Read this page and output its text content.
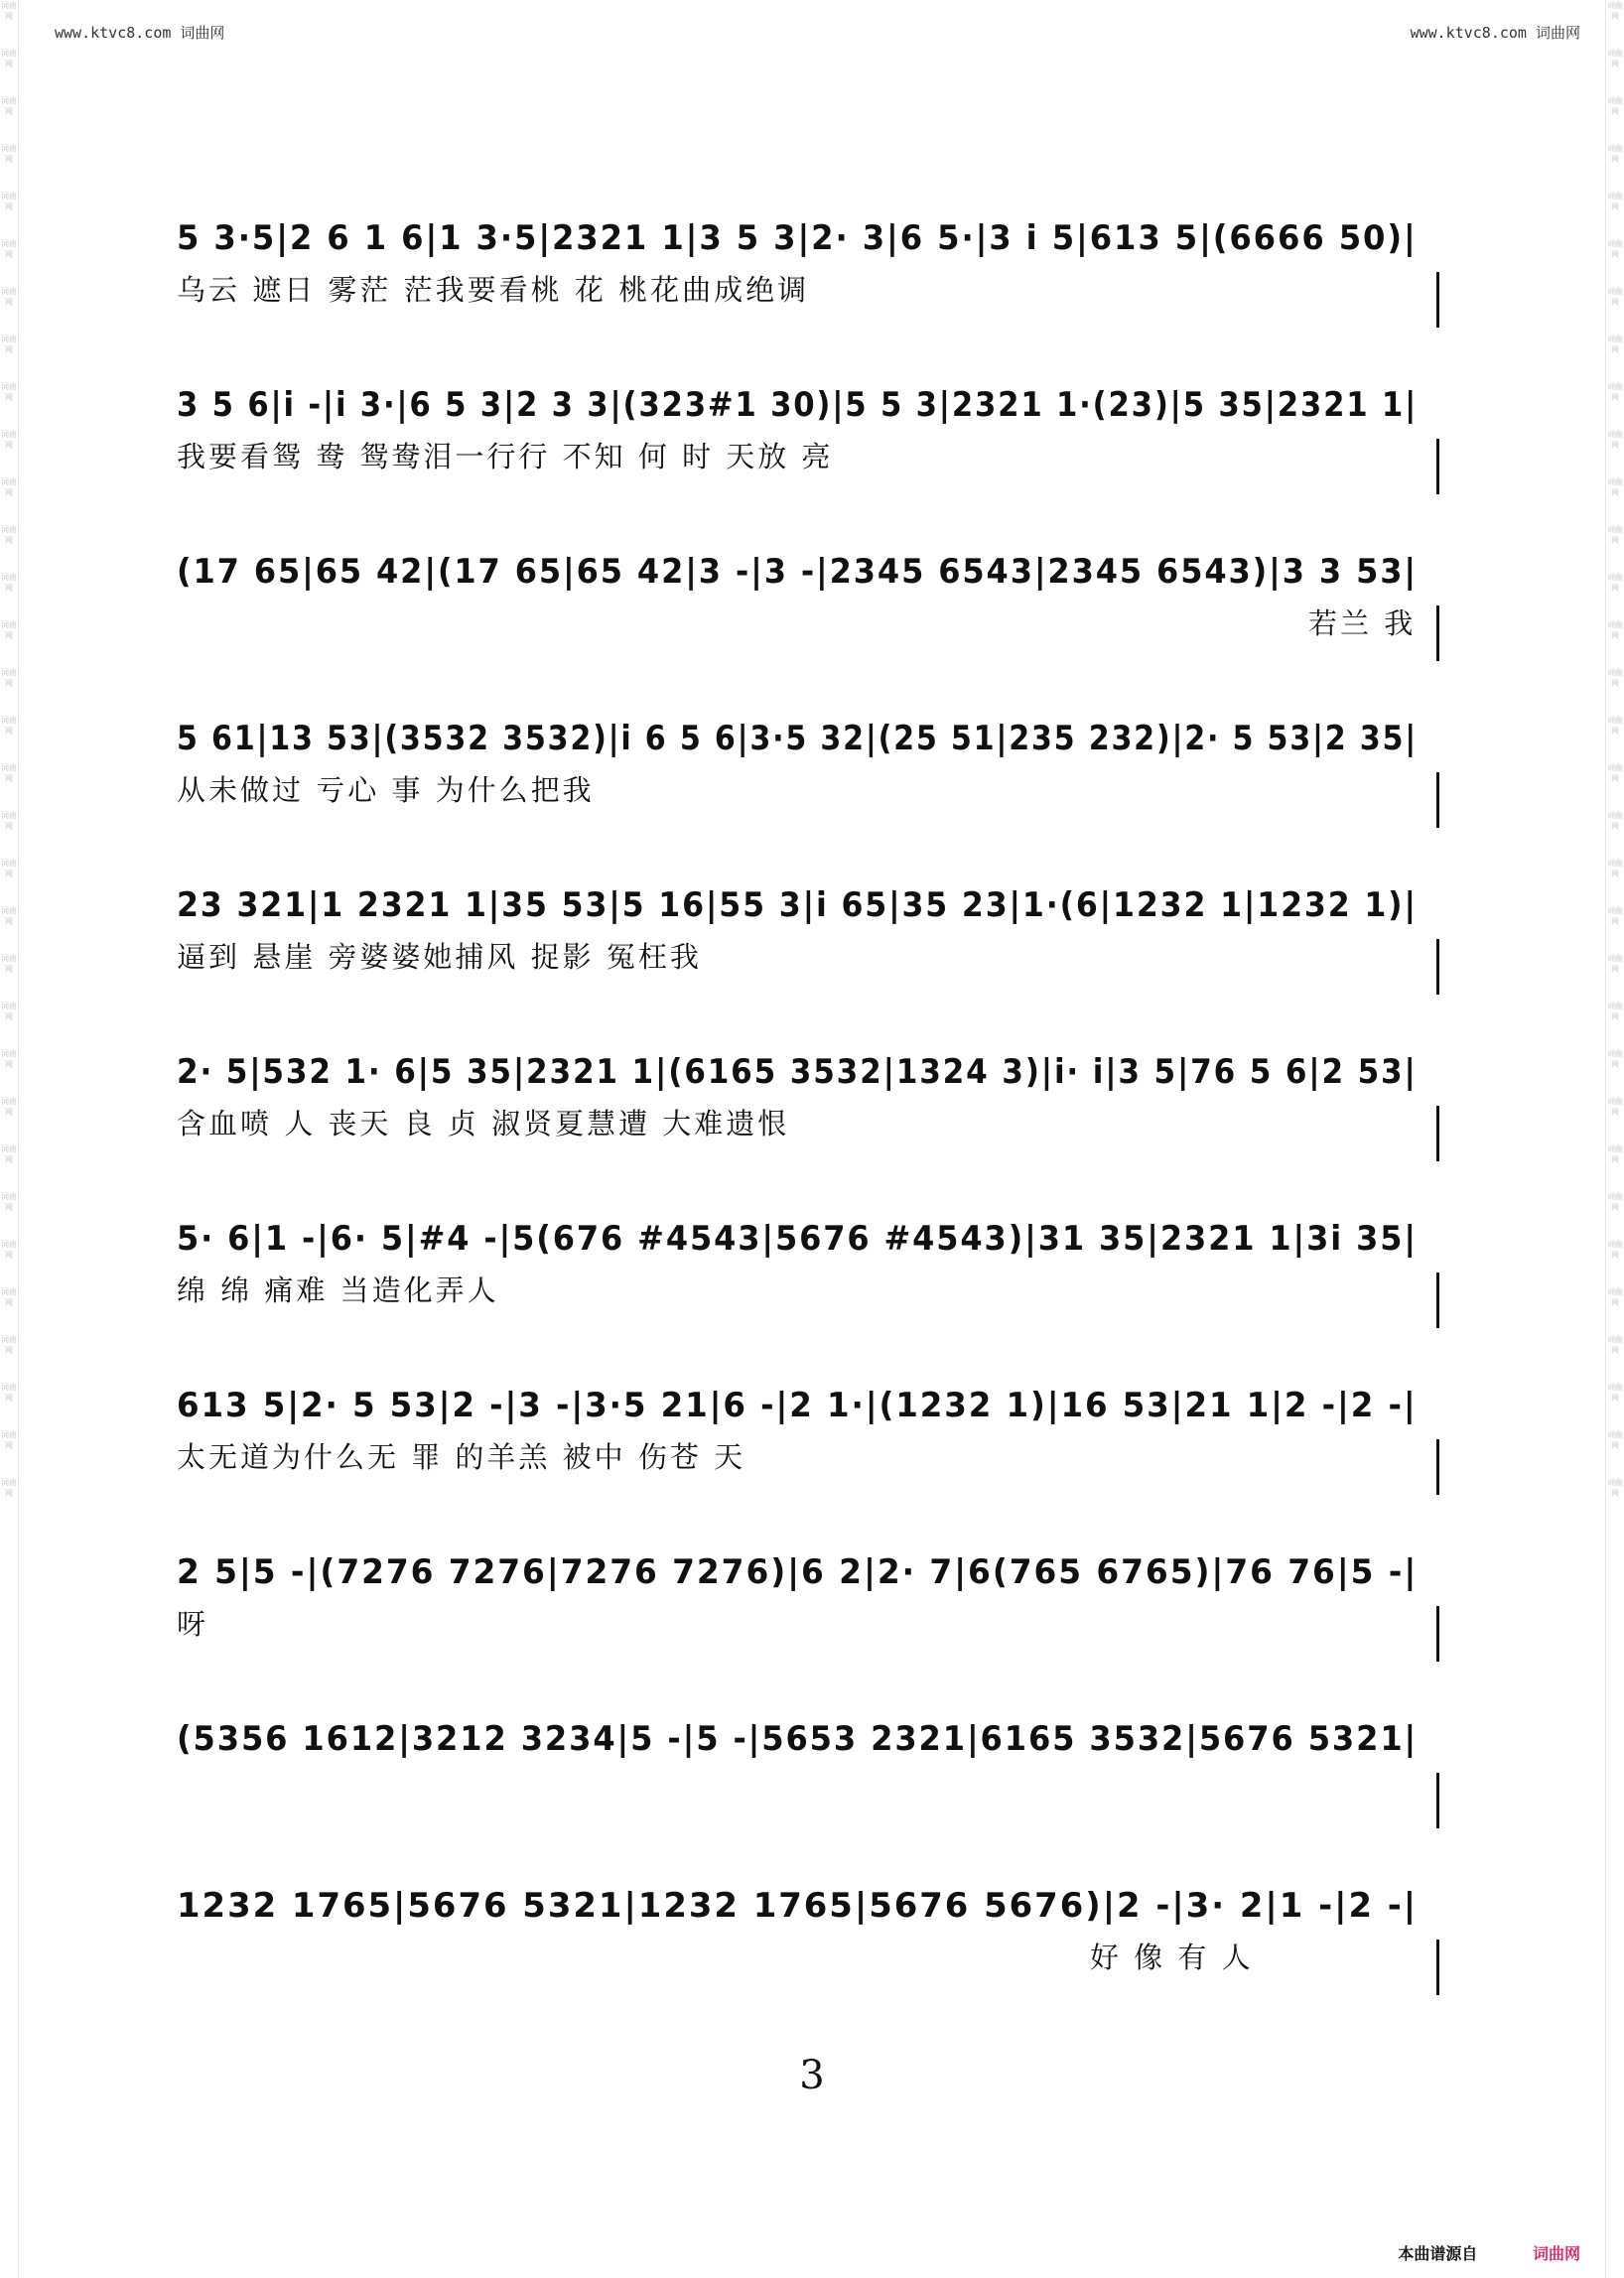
词曲网
词曲网
词曲网
词曲网
词曲网
词曲网
词曲网
词曲网
词曲网
词曲网
词曲网
词曲网
词曲网
词曲网
词曲网
词曲网
词曲网
词曲网
词曲网
词曲网
词曲网
词曲网
词曲网
词曲网
词曲网
词曲网
词曲网
词曲网
词曲网
词曲网
词曲网
词曲网
词曲网
词曲网
词曲网
词曲网
词曲网
词曲网
词曲网
词曲网
词曲网
词曲网
词曲网
词曲网
词曲网
词曲网
词曲网
词曲网
词曲网
词曲网
词曲网
词曲网
词曲网
词曲网
词曲网
词曲网
词曲网
词曲网
词曲网
词曲网
词曲网
词曲网
词曲网
词曲网
www.ktvc8.com 词曲网	www.ktvc8.com 词曲网
5 3·5|2 6 1 6|1 3·5|2321 1|3 5 3|2· 3|6 5·|3 i 5|613 5|(6666 50)|
乌云 遮日 雾茫 茫我要看桃 花 桃花曲成绝调
3 5 6|i -|i 3·|6 5 3|2 3 3|(323#1 30)|5 5 3|2321 1·(23)|5 35|2321 1|
我要看鸳 鸯 鸳鸯泪一行行 不知 何 时 天放 亮
(17 65|65 42|(17 65|65 42|3 -|3 -|2345 6543|2345 6543)|3 3 53|
若兰 我
5 61|13 53|(3532 3532)|i 6 5 6|3·5 32|(25 51|235 232)|2· 5 53|2 35|
从未做过 亏心 事 为什么把我
23 321|1 2321 1|35 53|5 16|55 3|i 65|35 23|1·(6|1232 1|1232 1)|
逼到 悬崖 旁婆婆她捕风 捉影 冤枉我
2· 5|532 1· 6|5 35|2321 1|(6165 3532|1324 3)|i· i|3 5|76 5 6|2 53|
含血喷 人 丧天 良 贞 淑贤夏慧遭 大难遗恨
5· 6|1 -|6· 5|#4 -|5(676 #4543|5676 #4543)|31 35|2321 1|3i 35|
绵 绵 痛难 当造化弄人
613 5|2· 5 53|2 -|3 -|3·5 21|6 -|2 1·|(1232 1)|16 53|21 1|2 -|2 -|
太无道为什么无 罪 的羊羔 被中 伤苍 天
2 5|5 -|(7276 7276|7276 7276)|6 2|2· 7|6(765 6765)|76 76|5 -|
呀
(5356 1612|3212 3234|5 -|5 -|5653 2321|6165 3532|5676 5321|
1232 1765|5676 5321|1232 1765|5676 5676)|2 -|3· 2|1 -|2 -|
好 像 有 人
3
本曲谱源自	词曲网
